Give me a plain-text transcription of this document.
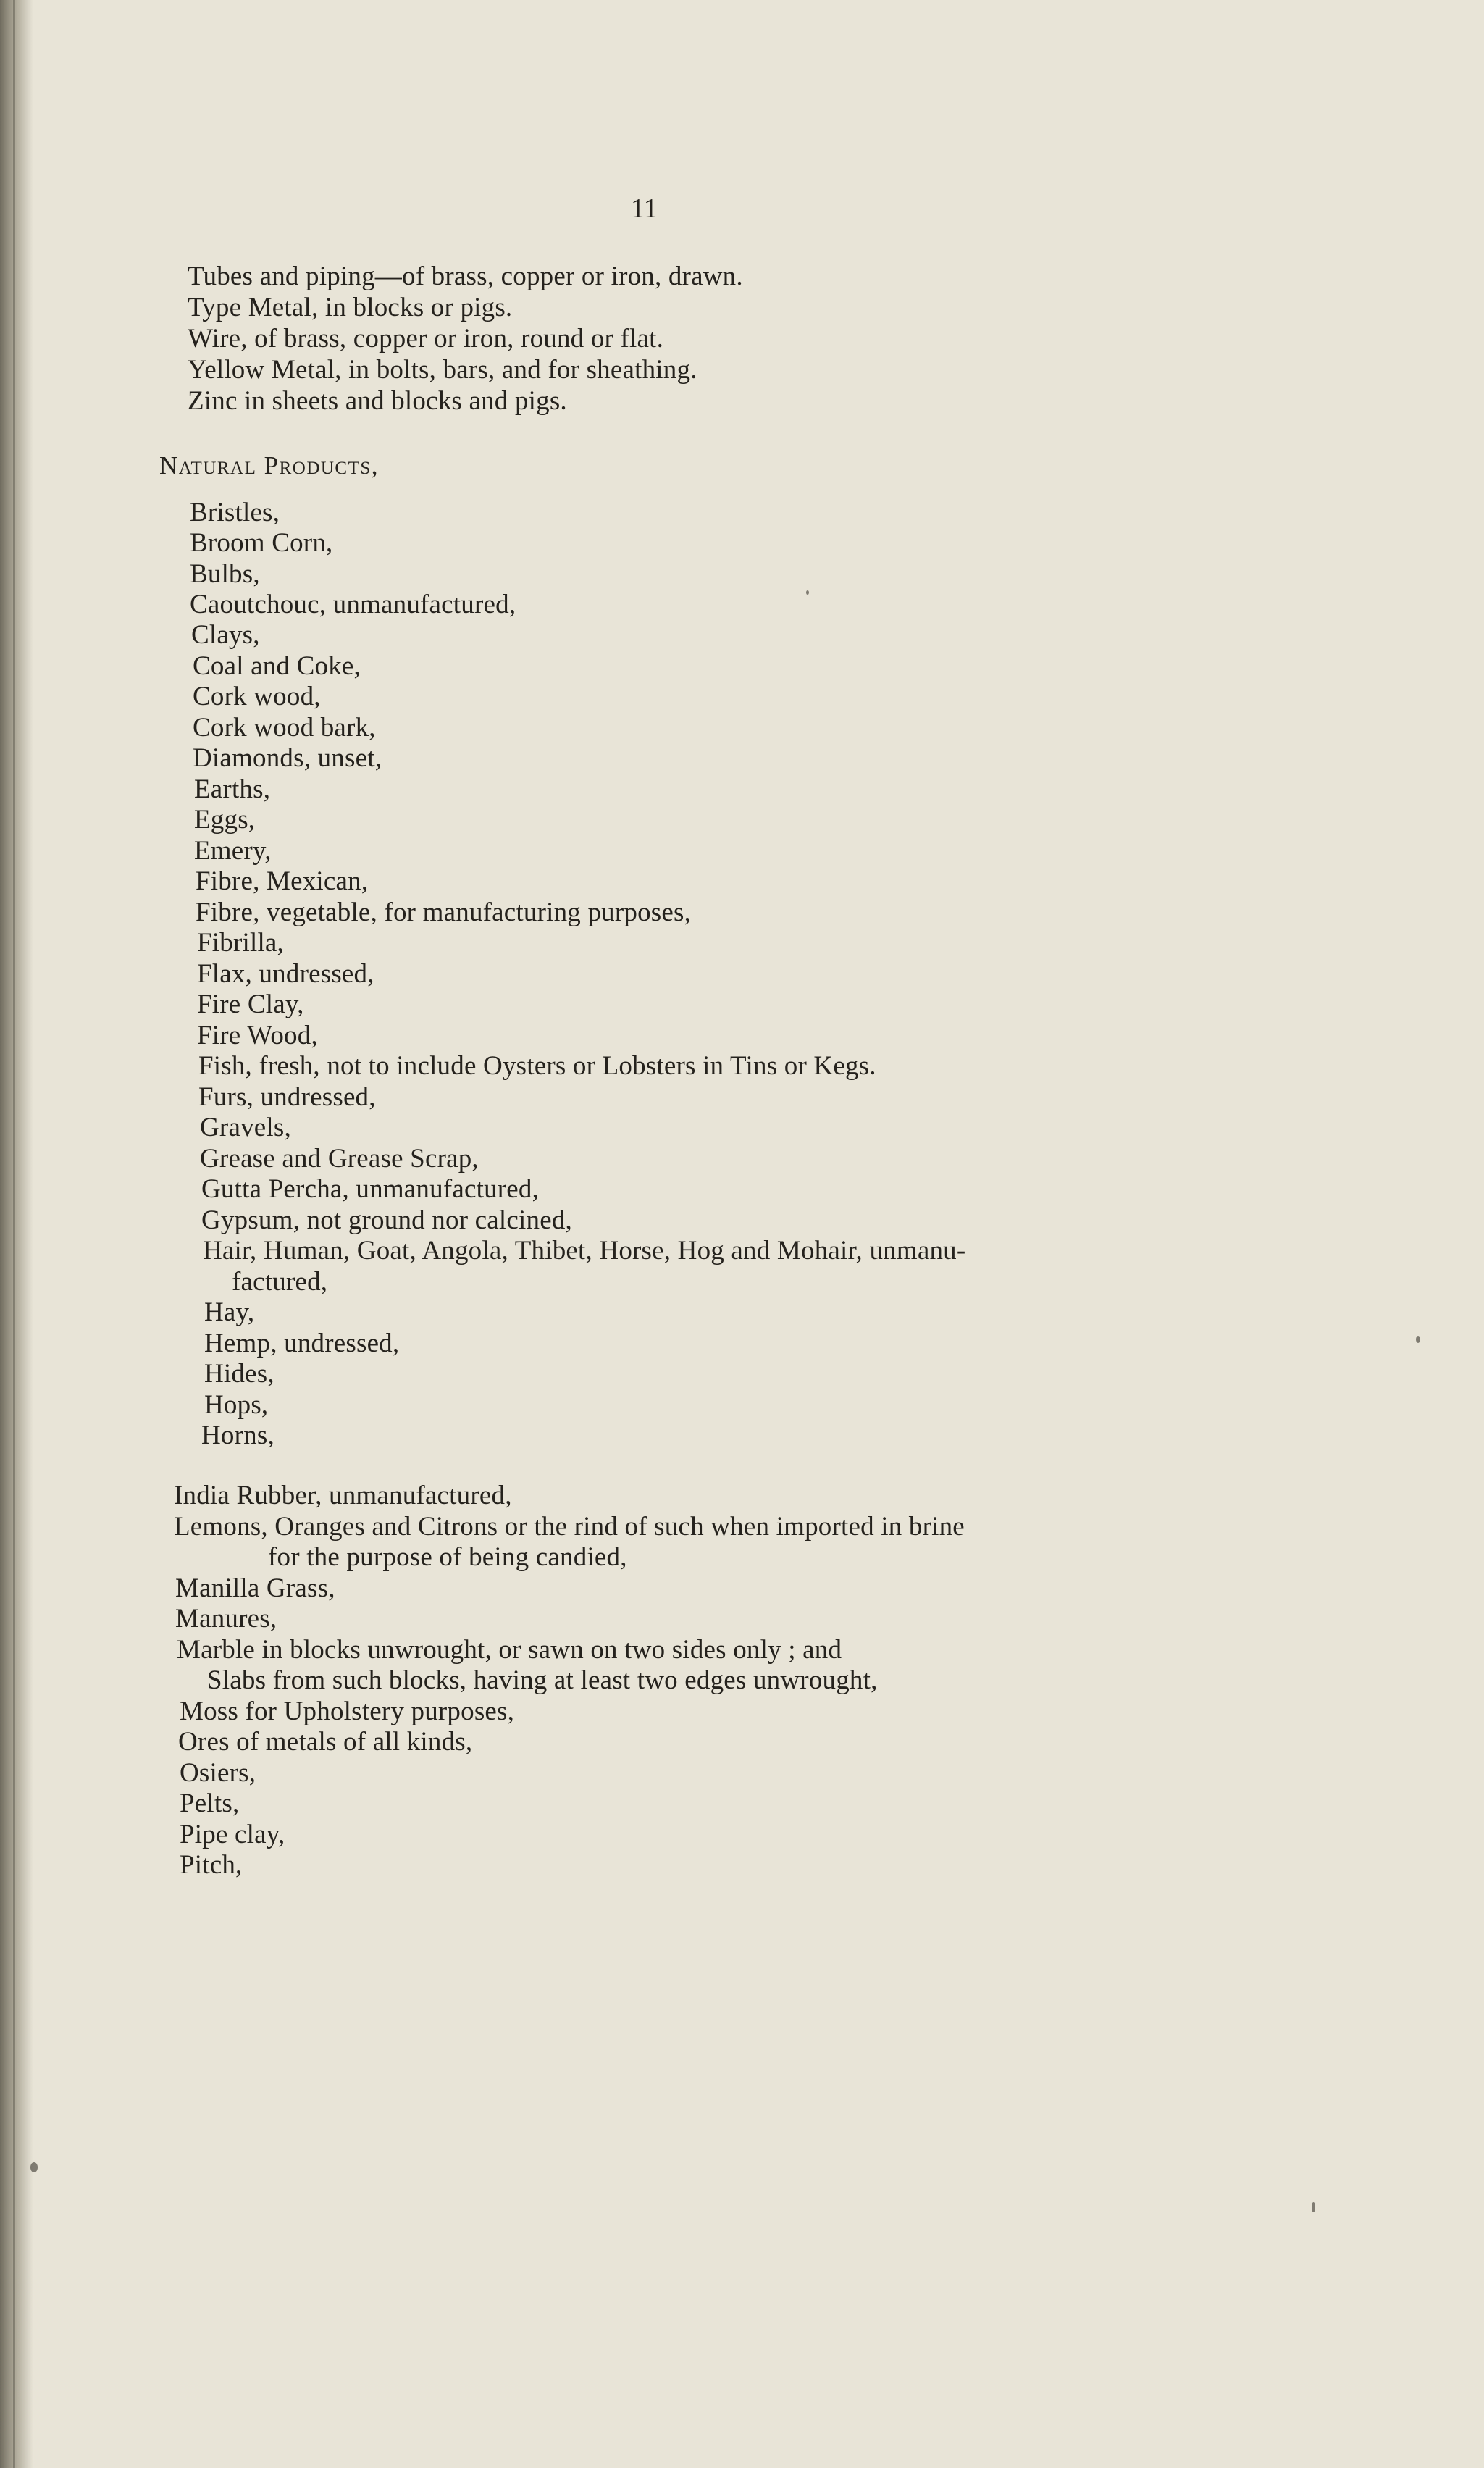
11
Tubes and piping—of brass, copper or iron, drawn.
Type Metal, in blocks or pigs.
Wire, of brass, copper or iron, round or flat.
Yellow Metal, in bolts, bars, and for sheathing.
Zinc in sheets and blocks and pigs.
Natural Products,
Bristles,
Broom Corn,
Bulbs,
Caoutchouc, unmanufactured,
Clays,
Coal and Coke,
Cork wood,
Cork wood bark,
Diamonds, unset,
Earths,
Eggs,
Emery,
Fibre, Mexican,
Fibre, vegetable, for manufacturing purposes,
Fibrilla,
Flax, undressed,
Fire Clay,
Fire Wood,
Fish, fresh, not to include Oysters or Lobsters in Tins or Kegs.
Furs, undressed,
Gravels,
Grease and Grease Scrap,
Gutta Percha, unmanufactured,
Gypsum, not ground nor calcined,
Hair, Human, Goat, Angola, Thibet, Horse, Hog and Mohair, unmanu-
factured,
Hay,
Hemp, undressed,
Hides,
Hops,
Horns,
India Rubber, unmanufactured,
Lemons, Oranges and Citrons or the rind of such when imported in brine
for the purpose of being candied,
Manilla Grass,
Manures,
Marble in blocks unwrought, or sawn on two sides only ; and
Slabs from such blocks, having at least two edges unwrought,
Moss for Upholstery purposes,
Ores of metals of all kinds,
Osiers,
Pelts,
Pipe clay,
Pitch,
